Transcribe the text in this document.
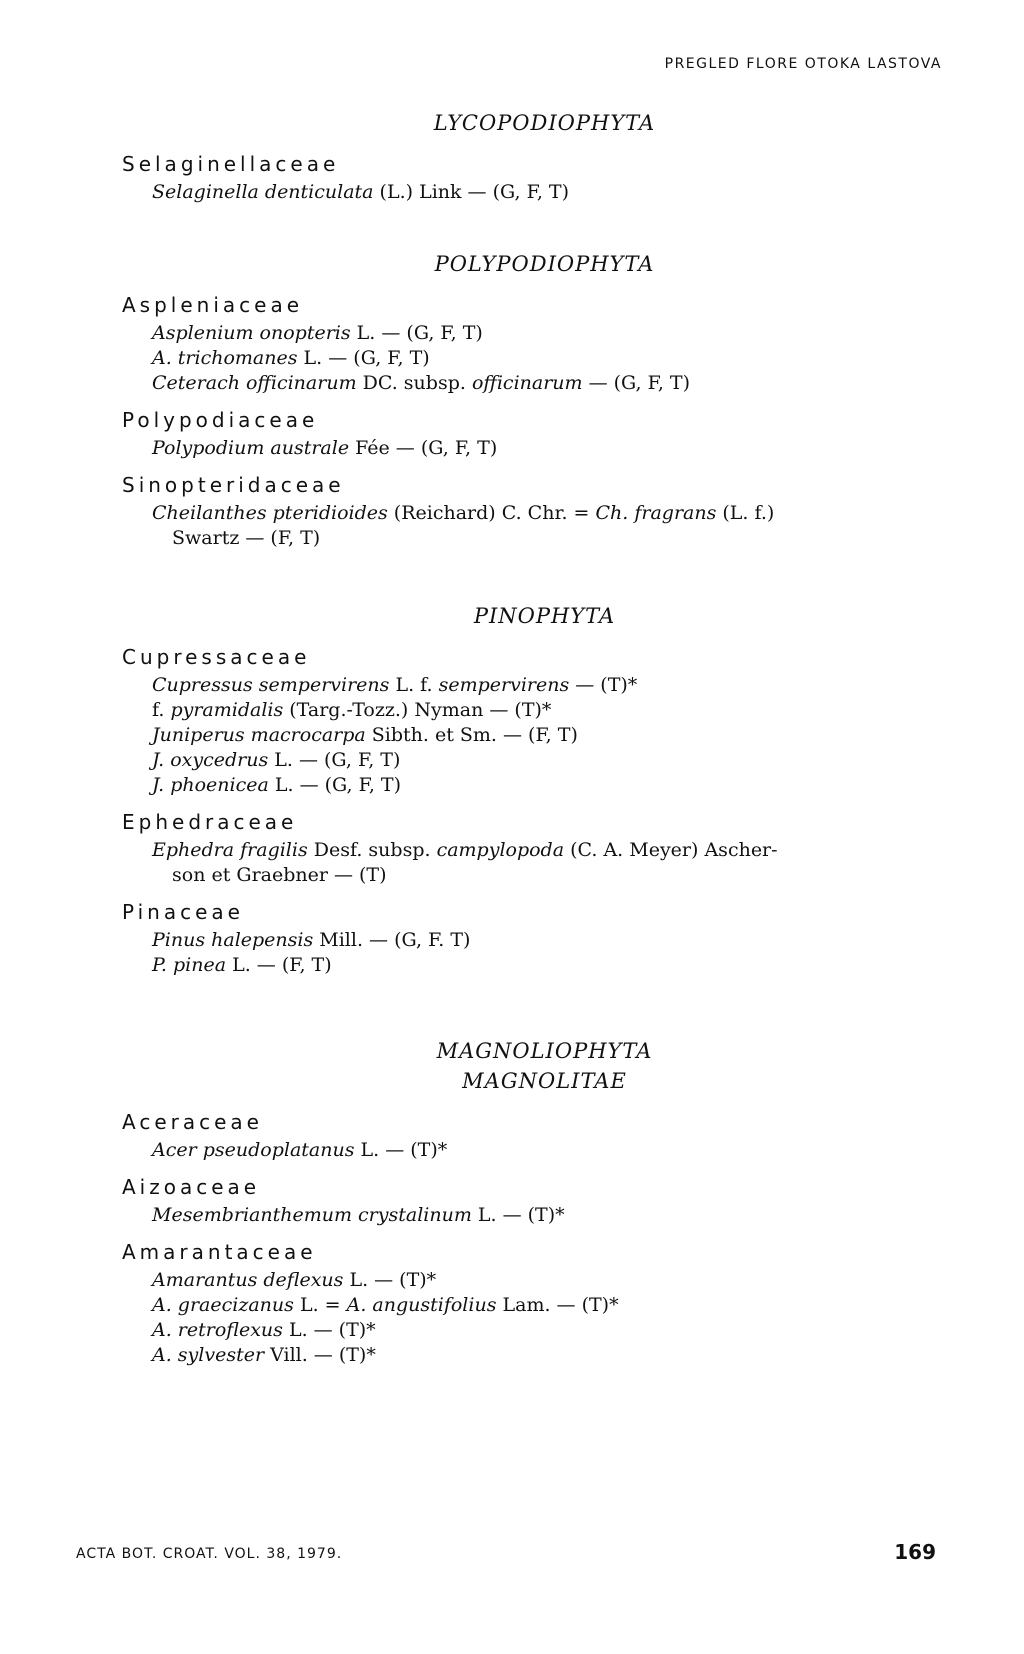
PREGLED FLORE OTOKA LASTOVA

LYCOPODIOPHYTA

Selaginellaceae
Selaginella denticulata (L.) Link — (G, F, T)

POLYPODIOPHYTA

Aspleniaceae
Asplenium onopteris L. — (G, F, T)
A. trichomanes L. — (G, F, T)
Ceterach officinarum DC. subsp. officinarum — (G, F, T)
Polypodiaceae
Polypodium australe Fée — (G, F, T)
Sinopteridaceae
Cheilanthes pteridioides (Reichard) C. Chr. = Ch. fragrans (L. f.)
Swartz — (F, T)

PINOPHYTA

Cupressaceae
Cupressus sempervirens L. f. sempervirens — (T)*
f. pyramidalis (Targ.-Tozz.) Nyman — (T)*
Juniperus macrocarpa Sibth. et Sm. — (F, T)
J. oxycedrus L. — (G, F, T)
J. phoenicea L. — (G, F, T)
Ephedraceae
Ephedra fragilis Desf. subsp. campylopoda (C. A. Meyer) Ascher-
son et Graebner — (T)
Pinaceae
Pinus halepensis Mill. — (G, F. T)
P. pinea L. — (F, T)

MAGNOLIOPHYTA

MAGNOLITAE

Aceraceae
Acer pseudoplatanus L. — (T)*
Aizoaceae
Mesembrianthemum crystalinum L. — (T)*
Amarantaceae
Amarantus deflexus L. — (T)*
A. graecizanus L. = A. angustifolius Lam. — (T)*
A. retroflexus L. — (T)*
A. sylvester Vill. — (T)*
ACTA BOT. CROAT. VOL. 38, 1979.	169
